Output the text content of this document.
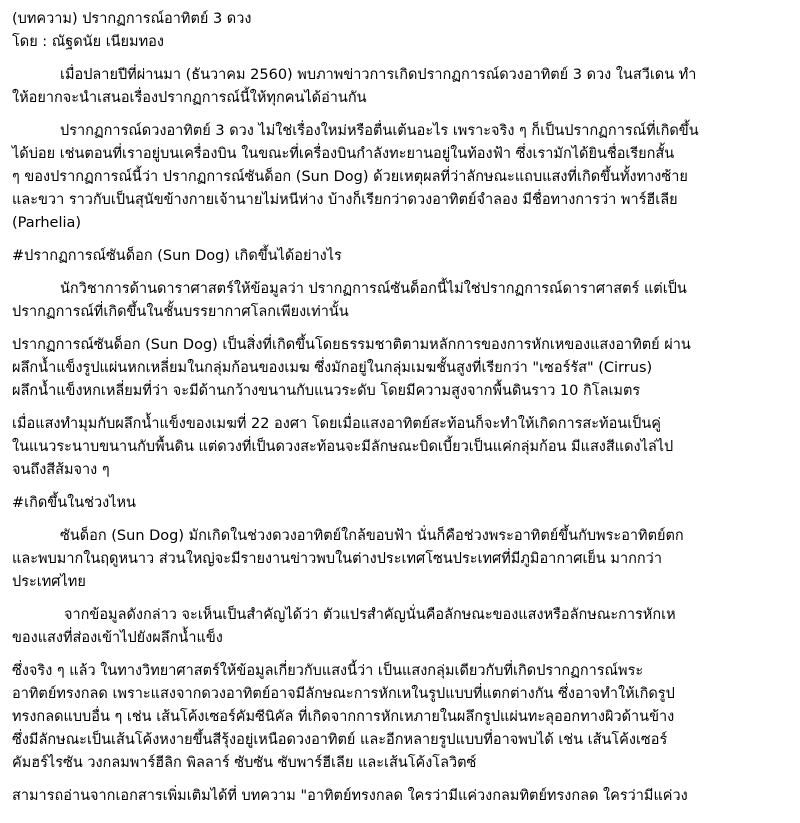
(บทความ) ปรากฏการณ์อาทิตย์ 3 ดวง

โดย : ณัฐดนัย เนียมทอง

เมื่อปลายปีที่ผ่านมา (ธันวาคม 2560) พบภาพข่าวการเกิดปรากฏการณ์ดวงอาทิตย์ 3 ดวง ในสวีเดน ทำ
ให้อยากจะนำเสนอเรื่องปรากฏการณ์นี้ให้ทุกคนได้อ่านกัน
ปรากฏการณ์ดวงอาทิตย์ 3 ดวง ไม่ใช่เรื่องใหม่หรือตื่นเต้นอะไร เพราะจริง ๆ ก็เป็นปรากฏการณ์ที่เกิดขึ้น
ได้บ่อย เช่นตอนที่เราอยู่บนเครื่องบิน ในขณะที่เครื่องบินกำลังทะยานอยู่ในท้องฟ้า ซึ่งเรามักได้ยินชื่อเรียกสั้น
ๆ ของปรากฏการณ์นี้ว่า ปรากฏการณ์ซันด็อก (Sun Dog) ด้วยเหตุผลที่ว่าลักษณะแถบแสงที่เกิดขึ้นทั้งทางซ้าย
และขวา ราวกับเป็นสุนัขข้างกายเจ้านายไม่หนีห่าง บ้างก็เรียกว่าดวงอาทิตย์จำลอง มีชื่อทางการว่า พาร์ฮีเลีย
(Parhelia)
#ปรากฏการณ์ซันด็อก (Sun Dog) เกิดขึ้นได้อย่างไร
นักวิชาการด้านดาราศาสตร์ให้ข้อมูลว่า ปรากฏการณ์ซันด็อกนี้ไม่ใช่ปรากฏการณ์ดาราศาสตร์ แต่เป็น
ปรากฏการณ์ที่เกิดขึ้นในชั้นบรรยากาศโลกเพียงเท่านั้น
ปรากฏการณ์ซันด็อก (Sun Dog) เป็นสิ่งที่เกิดขึ้นโดยธรรมชาติตามหลักการของการหักเหของแสงอาทิตย์ ผ่าน
ผลึกน้ำแข็งรูปแผ่นหกเหลี่ยมในกลุ่มก้อนของเมฆ ซึ่งมักอยู่ในกลุ่มเมฆชั้นสูงที่เรียกว่า "เซอร์รัส" (Cirrus)
ผลึกน้ำแข็งหกเหลี่ยมที่ว่า จะมีด้านกว้างขนานกับแนวระดับ โดยมีความสูงจากพื้นดินราว 10 กิโลเมตร
เมื่อแสงทำมุมกับผลึกน้ำแข็งของเมฆที่ 22 องศา โดยเมื่อแสงอาทิตย์สะท้อนก็จะทำให้เกิดการสะท้อนเป็นคู่
ในแนวระนาบขนานกับพื้นดิน แต่ดวงที่เป็นดวงสะท้อนจะมีลักษณะบิดเบี้ยวเป็นแค่กลุ่มก้อน มีแสงสีแดงไล่ไป
จนถึงสีส้มจาง ๆ
#เกิดขึ้นในช่วงไหน
ซันด็อก (Sun Dog) มักเกิดในช่วงดวงอาทิตย์ใกล้ขอบฟ้า นั่นก็คือช่วงพระอาทิตย์ขึ้นกับพระอาทิตย์ตก
และพบมากในฤดูหนาว ส่วนใหญ่จะมีรายงานข่าวพบในต่างประเทศโซนประเทศที่มีภูมิอากาศเย็น มากกว่า
ประเทศไทย
จากข้อมูลดังกล่าว จะเห็นเป็นสำคัญได้ว่า ตัวแปรสำคัญนั่นคือลักษณะของแสงหรือลักษณะการหักเห
ของแสงที่ส่องเข้าไปยังผลึกน้ำแข็ง
ซึ่งจริง ๆ แล้ว ในทางวิทยาศาสตร์ให้ข้อมูลเกี่ยวกับแสงนี้ว่า เป็นแสงกลุ่มเดียวกับที่เกิดปรากฏการณ์พระ
อาทิตย์ทรงกลด เพราะแสงจากดวงอาทิตย์อาจมีลักษณะการหักเหในรูปแบบที่แตกต่างกัน ซึ่งอาจทำให้เกิดรูป
ทรงกลดแบบอื่น ๆ เช่น เส้นโค้งเซอร์คัมซีนิคัล ที่เกิดจากการหักเหภายในผลึกรูปแผ่นทะลุออกทางผิวด้านข้าง
ซึ่งมีลักษณะเป็นเส้นโค้งหงายขึ้นสีรุ้งอยู่เหนือดวงอาทิตย์ และอีกหลายรูปแบบที่อาจพบได้ เช่น เส้นโค้งเซอร์
คัมฮร์ไรซัน วงกลมพาร์ฮีลิก พิลลาร์ ซับซัน ซับพาร์ฮีเลีย และเส้นโค้งโลวิตซ์
สามารถอ่านจากเอกสารเพิ่มเติมได้ที่ บทความ "อาทิตย์ทรงกลด ใครว่ามีแค่วงกลมทิตย์ทรงกลด ใครว่ามีแค่วง
